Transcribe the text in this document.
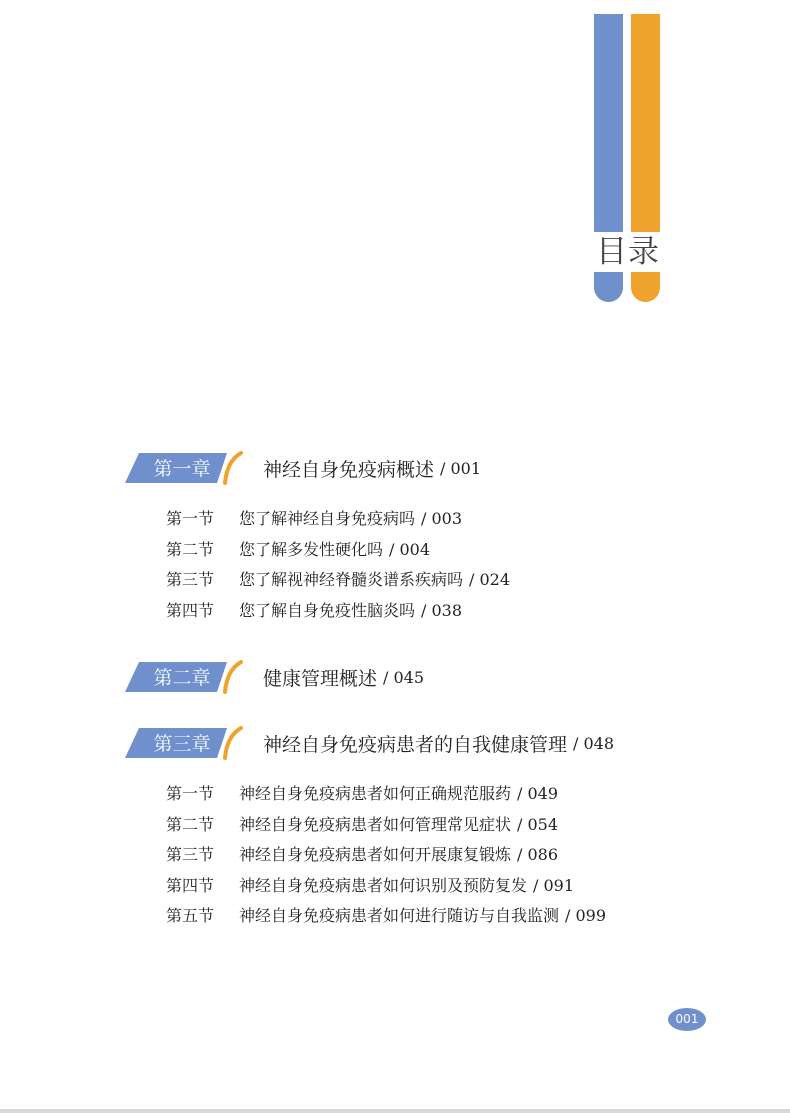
目录
第一章	神经自身免疫病概述 / 001
第一节 您了解神经自身免疫病吗 / 003
第二节 您了解多发性硬化吗 / 004
第三节 您了解视神经脊髓炎谱系疾病吗 / 024
第四节 您了解自身免疫性脑炎吗 / 038
第二章	健康管理概述 / 045
第三章	神经自身免疫病患者的自我健康管理 / 048
第一节 神经自身免疫病患者如何正确规范服药 / 049
第二节 神经自身免疫病患者如何管理常见症状 / 054
第三节 神经自身免疫病患者如何开展康复锻炼 / 086
第四节 神经自身免疫病患者如何识别及预防复发 / 091
第五节 神经自身免疫病患者如何进行随访与自我监测 / 099
001
